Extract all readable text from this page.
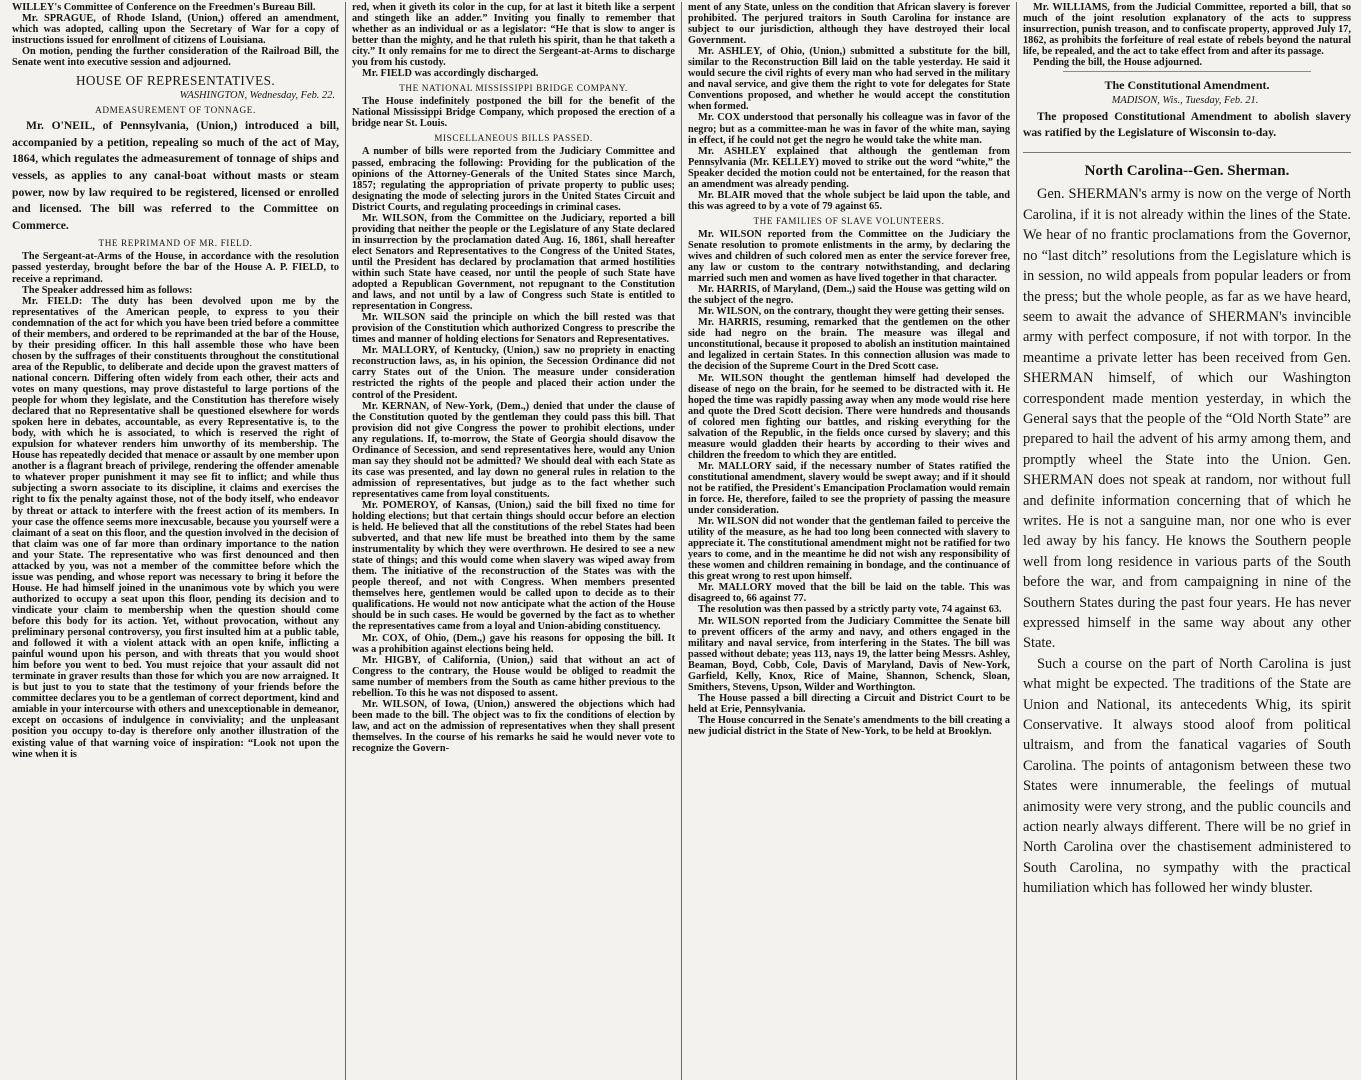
WILLEY's Committee of Conference on the Freedmen's Bureau Bill.

Mr. SPRAGUE, of Rhode Island, (Union,) offered an amendment, which was adopted, calling upon the Secretary of War for a copy of instructions issued for enrollment of citizens of Louisiana.

On motion, pending the further consideration of the Railroad Bill, the Senate went into executive session and adjourned.

HOUSE OF REPRESENTATIVES.
WASHINGTON, Wednesday, Feb. 22.
ADMEASUREMENT OF TONNAGE.

Mr. O'NEIL, of Pennsylvania, (Union,) introduced a bill, accompanied by a petition, repealing so much of the act of May, 1864, which regulates the admeasurement of tonnage of ships and vessels, as applies to any canal-boat without masts or steam power, now by law required to be registered, licensed or enrolled and licensed. The bill was referred to the Committee on Commerce.

THE REPRIMAND OF MR. FIELD.

The Sergeant-at-Arms of the House, in accordance with the resolution passed yesterday, brought before the bar of the House A. P. FIELD, to receive a reprimand.

The Speaker addressed him as follows:

Mr. FIELD: The duty has been devolved upon me by the representatives of the American people, to express to you their condemnation of the act for which you have been tried before a committee of their members, and ordered to be reprimanded at the bar of the House, by their presiding officer. In this hall assemble those who have been chosen by the suffrages of their constituents throughout the constitutional area of the Republic, to deliberate and decide upon the gravest matters of national concern. Differing often widely from each other, their acts and votes on many questions, may prove distasteful to large portions of the people for whom they legislate, and the Constitution has therefore wisely declared that no Representative shall be questioned elsewhere for words spoken here in debates, accountable, as every Representative is, to the body, with which he is associated, to which is reserved the right of expulsion for whatever renders him unworthy of its membership. The House has repeatedly decided that menace or assault by one member upon another is a flagrant breach of privilege, rendering the offender amenable to whatever proper punishment it may see fit to inflict; and while thus subjecting a sworn associate to its discipline, it claims and exercises the right to fix the penalty against those, not of the body itself, who endeavor by threat or attack to interfere with the freest action of its members. In your case the offence seems more inexcusable, because you yourself were a claimant of a seat on this floor, and the question involved in the decision of that claim was one of far more than ordinary importance to the nation and your State. The representative who was first denounced and then attacked by you, was not a member of the committee before which the issue was pending, and whose report was necessary to bring it before the House. He had himself joined in the unanimous vote by which you were authorized to occupy a seat upon this floor, pending its decision and to vindicate your claim to membership when the question should come before this body for its action. Yet, without provocation, without any preliminary personal controversy, you first insulted him at a public table, and followed it with a violent attack with an open knife, inflicting a painful wound upon his person, and with threats that you would shoot him before you went to bed. You must rejoice that your assault did not terminate in graver results than those for which you are now arraigned. It is but just to you to state that the testimony of your friends before the committee declares you to be a gentleman of correct deportment, kind and amiable in your intercourse with others and unexceptionable in demeanor, except on occasions of indulgence in conviviality; and the unpleasant position you occupy to-day is therefore only another illustration of the existing value of that warning voice of inspiration: “Look not upon the wine when it is

red, when it giveth its color in the cup, for at last it biteth like a serpent and stingeth like an adder.” Inviting you finally to remember that whether as an individual or as a legislator: “He that is slow to anger is better than the mighty, and he that ruleth his spirit, than he that taketh a city.” It only remains for me to direct the Sergeant-at-Arms to discharge you from his custody.

Mr. FIELD was accordingly discharged.

THE NATIONAL MISSISSIPPI BRIDGE COMPANY.

The House indefinitely postponed the bill for the benefit of the National Mississippi Bridge Company, which proposed the erection of a bridge near St. Louis.

MISCELLANEOUS BILLS PASSED.

A number of bills were reported from the Judiciary Committee and passed, embracing the following: Providing for the publication of the opinions of the Attorney-Generals of the United States since March, 1857; regulating the appropriation of private property to public uses; designating the mode of selecting jurors in the United States Circuit and District Courts, and regulating proceedings in criminal cases.

Mr. WILSON, from the Committee on the Judiciary, reported a bill providing that neither the people or the Legislature of any State declared in insurrection by the proclamation dated Aug. 16, 1861, shall hereafter elect Senators and Representatives to the Congress of the United States, until the President has declared by proclamation that armed hostilities within such State have ceased, nor until the people of such State have adopted a Republican Government, not repugnant to the Constitution and laws, and not until by a law of Congress such State is entitled to representation in Congress.

Mr. WILSON said the principle on which the bill rested was that provision of the Constitution which authorized Congress to prescribe the times and manner of holding elections for Senators and Representatives.

Mr. MALLORY, of Kentucky, (Union,) saw no propriety in enacting reconstruction laws, as, in his opinion, the Secession Ordinance did not carry States out of the Union. The measure under consideration restricted the rights of the people and placed their action under the control of the President.

Mr. KERNAN, of New-York, (Dem.,) denied that under the clause of the Constitution quoted by the gentleman they could pass this bill. That provision did not give Congress the power to prohibit elections, under any regulations. If, to-morrow, the State of Georgia should disavow the Ordinance of Secession, and send representatives here, would any Union man say they should not be admitted? We should deal with each State as its case was presented, and lay down no general rules in relation to the admission of representatives, but judge as to the fact whether such representatives came from loyal constituents.

Mr. POMEROY, of Kansas, (Union,) said the bill fixed no time for holding elections; but that certain things should occur before an election is held. He believed that all the constitutions of the rebel States had been subverted, and that new life must be breathed into them by the same instrumentality by which they were overthrown. He desired to see a new state of things; and this would come when slavery was wiped away from them. The initiative of the reconstruction of the States was with the people thereof, and not with Congress. When members presented themselves here, gentlemen would be called upon to decide as to their qualifications. He would not now anticipate what the action of the House should be in such cases. He would be governed by the fact as to whether the representatives came from a loyal and Union-abiding constituency.

Mr. COX, of Ohio, (Dem.,) gave his reasons for opposing the bill. It was a prohibition against elections being held.

Mr. HIGBY, of California, (Union,) said that without an act of Congress to the contrary, the House would be obliged to readmit the same number of members from the South as came hither previous to the rebellion. To this he was not disposed to assent.

Mr. WILSON, of Iowa, (Union,) answered the objections which had been made to the bill. The object was to fix the conditions of election by law, and act on the admission of representatives when they shall present themselves. In the course of his remarks he said he would never vote to recognize the Govern-

ment of any State, unless on the condition that African slavery is forever prohibited. The perjured traitors in South Carolina for instance are subject to our jurisdiction, although they have destroyed their local Government.

Mr. ASHLEY, of Ohio, (Union,) submitted a substitute for the bill, similar to the Reconstruction Bill laid on the table yesterday. He said it would secure the civil rights of every man who had served in the military and naval service, and give them the right to vote for delegates for State Conventions proposed, and whether he would accept the constitution when formed.

Mr. COX understood that personally his colleague was in favor of the negro; but as a committee-man he was in favor of the white man, saying in effect, if he could not get the negro he would take the white man.

Mr. ASHLEY explained that although the gentleman from Pennsylvania (Mr. KELLEY) moved to strike out the word “white,” the Speaker decided the motion could not be entertained, for the reason that an amendment was already pending.

Mr. BLAIR moved that the whole subject be laid upon the table, and this was agreed to by a vote of 79 against 65.

THE FAMILIES OF SLAVE VOLUNTEERS.

Mr. WILSON reported from the Committee on the Judiciary the Senate resolution to promote enlistments in the army, by declaring the wives and children of such colored men as enter the service forever free, any law or custom to the contrary notwithstanding, and declaring married such men and women as have lived together in that character.

Mr. HARRIS, of Maryland, (Dem.,) said the House was getting wild on the subject of the negro.

Mr. WILSON, on the contrary, thought they were getting their senses.

Mr. HARRIS, resuming, remarked that the gentlemen on the other side had negro on the brain. The measure was illegal and unconstitutional, because it proposed to abolish an institution maintained and legalized in certain States. In this connection allusion was made to the decision of the Supreme Court in the Dred Scott case.

Mr. WILSON thought the gentleman himself had developed the disease of nego on the brain, for he seemed to be distracted with it. He hoped the time was rapidly passing away when any mode would rise here and quote the Dred Scott decision. There were hundreds and thousands of colored men fighting our battles, and risking everything for the salvation of the Republic, in the fields once cursed by slavery; and this measure would gladden their hearts by according to their wives and children the freedom to which they are entitled.

Mr. MALLORY said, if the necessary number of States ratified the constitutional amendment, slavery would be swept away; and if it should not be ratified, the President's Emancipation Proclamation would remain in force. He, therefore, failed to see the propriety of passing the measure under consideration.

Mr. WILSON did not wonder that the gentleman failed to perceive the utility of the measure, as he had too long been connected with slavery to appreciate it. The constitutional amendment might not be ratified for two years to come, and in the meantime he did not wish any responsibility of these women and children remaining in bondage, and the continuance of this great wrong to rest upon himself.

Mr. MALLORY moved that the bill be laid on the table. This was disagreed to, 66 against 77.

The resolution was then passed by a strictly party vote, 74 against 63.

Mr. WILSON reported from the Judiciary Committee the Senate bill to prevent officers of the army and navy, and others engaged in the military and naval service, from interfering in the States. The bill was passed without debate; yeas 113, nays 19, the latter being Messrs. Ashley, Beaman, Boyd, Cobb, Cole, Davis of Maryland, Davis of New-York, Garfield, Kelly, Knox, Rice of Maine, Shannon, Schenck, Sloan, Smithers, Stevens, Upson, Wilder and Worthington.

The House passed a bill directing a Circuit and District Court to be held at Erie, Pennsylvania.

The House concurred in the Senate's amendments to the bill creating a new judicial district in the State of New-York, to be held at Brooklyn.

Mr. WILLIAMS, from the Judicial Committee, reported a bill, that so much of the joint resolution explanatory of the acts to suppress insurrection, punish treason, and to confiscate property, approved July 17, 1862, as prohibits the forfeiture of real estate of rebels beyond the natural life, be repealed, and the act to take effect from and after its passage.

Pending the bill, the House adjourned.

The Constitutional Amendment.
MADISON, Wis., Tuesday, Feb. 21.

The proposed Constitutional Amendment to abolish slavery was ratified by the Legislature of Wisconsin to-day.

North Carolina--Gen. Sherman.

Gen. SHERMAN's army is now on the verge of North Carolina, if it is not already within the lines of the State. We hear of no frantic proclamations from the Governor, no “last ditch” resolutions from the Legislature which is in session, no wild appeals from popular leaders or from the press; but the whole people, as far as we have heard, seem to await the advance of SHERMAN's invincible army with perfect composure, if not with torpor. In the meantime a private letter has been received from Gen. SHERMAN himself, of which our Washington correspondent made mention yesterday, in which the General says that the people of the “Old North State” are prepared to hail the advent of his army among them, and promptly wheel the State into the Union. Gen. SHERMAN does not speak at random, nor without full and definite information concerning that of which he writes. He is not a sanguine man, nor one who is ever led away by his fancy. He knows the Southern people well from long residence in various parts of the South before the war, and from campaigning in nine of the Southern States during the past four years. He has never expressed himself in the same way about any other State.

Such a course on the part of North Carolina is just what might be expected. The traditions of the State are Union and National, its antecedents Whig, its spirit Conservative. It always stood aloof from political ultraism, and from the fanatical vagaries of South Carolina. The points of antagonism between these two States were innumerable, the feelings of mutual animosity were very strong, and the public councils and action nearly always different. There will be no grief in North Carolina over the chastisement administered to South Carolina, no sympathy with the practical humiliation which has followed her windy bluster.
